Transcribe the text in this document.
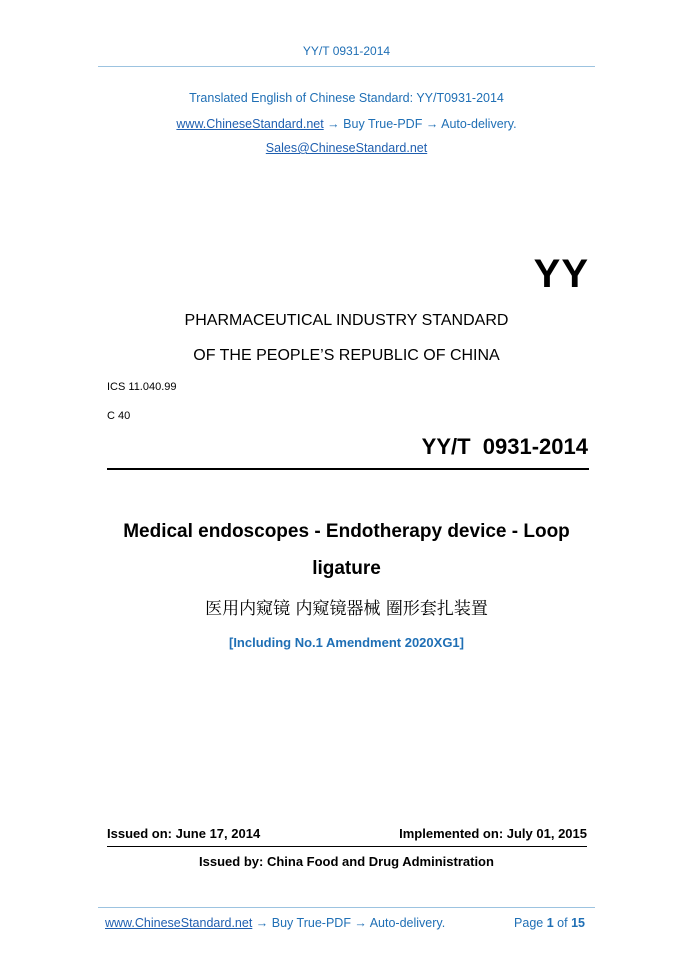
YY/T 0931-2014
Translated English of Chinese Standard: YY/T0931-2014
www.ChineseStandard.net → Buy True-PDF → Auto-delivery.
Sales@ChineseStandard.net
YY
PHARMACEUTICAL INDUSTRY STANDARD
OF THE PEOPLE’S REPUBLIC OF CHINA
ICS 11.040.99
C 40
YY/T  0931-2014
Medical endoscopes - Endotherapy device - Loop
ligature
医用内窥镜 内窥镜器械 圈形套扎装置
[Including No.1 Amendment 2020XG1]
Issued on: June 17, 2014	Implemented on: July 01, 2015
Issued by: China Food and Drug Administration
www.ChineseStandard.net → Buy True-PDF → Auto-delivery.	Page 1 of 15
